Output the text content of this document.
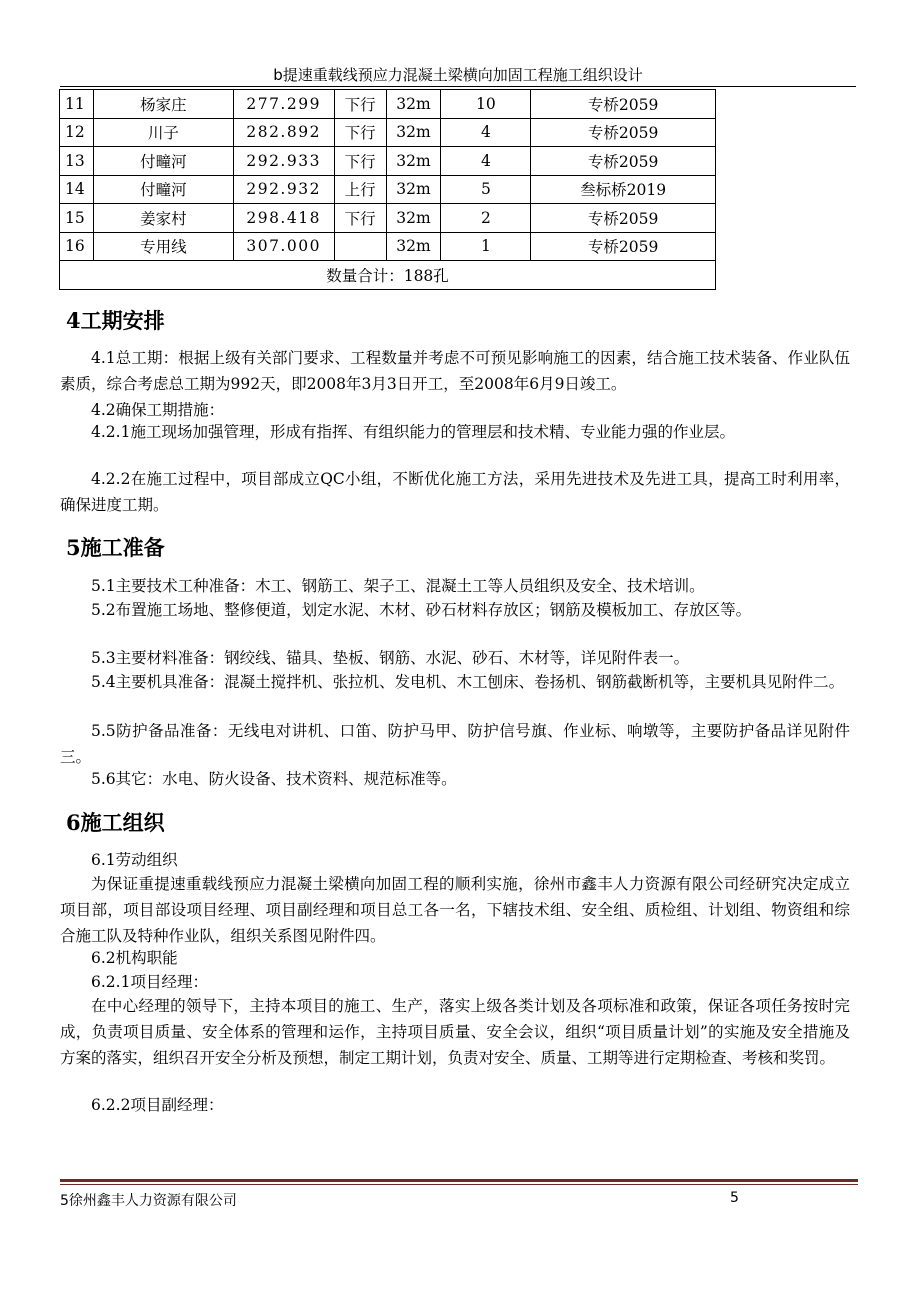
b提速重载线预应力混凝土梁横向加固工程施工组织设计
11	杨家庄	277.299	下行	32m	10	专桥2059
12	川子	282.892	下行	32m	4	专桥2059
13	付疃河	292.933	下行	32m	4	专桥2059
14	付疃河	292.932	上行	32m	5	叁标桥2019
15	姜家村	298.418	下行	32m	2	专桥2059
16	专用线	307.000		32m	1	专桥2059
数量合计：188孔						
4工期安排

4.1总工期：根据上级有关部门要求、工程数量并考虑不可预见影响施工的因素，结合施工技术装备、作业队伍素质，综合考虑总工期为992天，即2008年3月3日开工，至2008年6月9日竣工。

4.2确保工期措施：

4.2.1施工现场加强管理，形成有指挥、有组织能力的管理层和技术精、专业能力强的作业层。

4.2.2在施工过程中，项目部成立QC小组，不断优化施工方法，采用先进技术及先进工具，提高工时利用率，确保进度工期。

5施工准备

5.1主要技术工种准备：木工、钢筋工、架子工、混凝土工等人员组织及安全、技术培训。

5.2布置施工场地、整修便道，划定水泥、木材、砂石材料存放区；钢筋及模板加工、存放区等。

5.3主要材料准备：钢绞线、锚具、垫板、钢筋、水泥、砂石、木材等，详见附件表一。

5.4主要机具准备：混凝土搅拌机、张拉机、发电机、木工刨床、卷扬机、钢筋截断机等，主要机具见附件二。

5.5防护备品准备：无线电对讲机、口笛、防护马甲、防护信号旗、作业标、响墩等，主要防护备品详见附件三。

5.6其它：水电、防火设备、技术资料、规范标准等。

6施工组织

6.1劳动组织

为保证重提速重载线预应力混凝土梁横向加固工程的顺利实施，徐州市鑫丰人力资源有限公司经研究决定成立项目部，项目部设项目经理、项目副经理和项目总工各一名，下辖技术组、安全组、质检组、计划组、物资组和综合施工队及特种作业队，组织关系图见附件四。

6.2机构职能

6.2.1项目经理：

在中心经理的领导下，主持本项目的施工、生产，落实上级各类计划及各项标准和政策，保证各项任务按时完成，负责项目质量、安全体系的管理和运作，主持项目质量、安全会议，组织“项目质量计划”的实施及安全措施及方案的落实，组织召开安全分析及预想，制定工期计划，负责对安全、质量、工期等进行定期检查、考核和奖罚。

6.2.2项目副经理：

5徐州鑫丰人力资源有限公司	5
